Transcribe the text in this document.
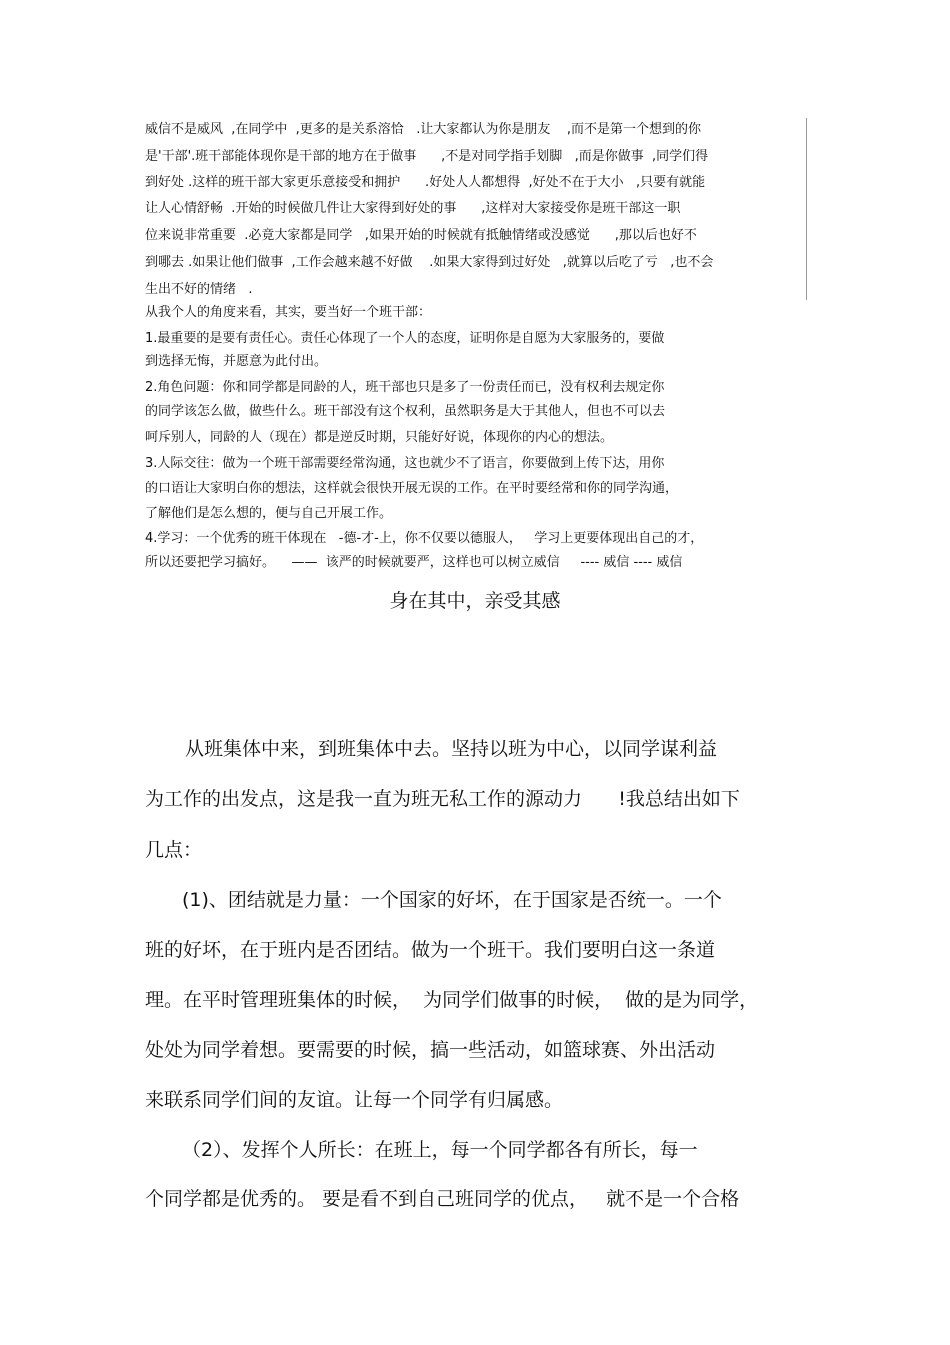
威信不是威风  ,在同学中  ,更多的是关系溶恰   .让大家都认为你是朋友    ,而不是第一个想到的你
是'干部'.班干部能体现你是干部的地方在于做事      ,不是对同学指手划脚   ,而是你做事  ,同学们得
到好处 .这样的班干部大家更乐意接受和拥护      .好处人人都想得  ,好处不在于大小   ,只要有就能
让人心情舒畅  .开始的时候做几件让大家得到好处的事      ,这样对大家接受你是班干部这一职
位来说非常重要  .必竟大家都是同学   ,如果开始的时候就有抵触情绪或没感觉      ,那以后也好不
到哪去 .如果让他们做事  ,工作会越来越不好做    .如果大家得到过好处   ,就算以后吃了亏   ,也不会
生出不好的情绪   .
从我个人的角度来看，其实，要当好一个班干部：
1.最重要的是要有责任心。责任心体现了一个人的态度，证明你是自愿为大家服务的，要做
到选择无悔，并愿意为此付出。
2.角色问题：你和同学都是同龄的人，班干部也只是多了一份责任而已，没有权利去规定你
的同学该怎么做，做些什么。班干部没有这个权利，虽然职务是大于其他人，但也不可以去
呵斥别人，同龄的人（现在）都是逆反时期，只能好好说，体现你的内心的想法。
3.人际交往：做为一个班干部需要经常沟通，这也就少不了语言，你要做到上传下达，用你
的口语让大家明白你的想法，这样就会很快开展无误的工作。在平时要经常和你的同学沟通，
了解他们是怎么想的，便与自己开展工作。
4.学习：一个优秀的班干体现在   -德-才-上，你不仅要以德服人，   学习上更要体现出自己的才，
所以还要把学习搞好。    ——  该严的时候就要严，这样也可以树立威信     ---- 威信 ---- 威信
身在其中，亲受其感
从班集体中来，到班集体中去。坚持以班为中心，以同学谋利益
为工作的出发点，这是我一直为班无私工作的源动力      !我总结出如下
几点：
(1)、团结就是力量：一个国家的好坏，在于国家是否统一。一个
班的好坏，在于班内是否团结。做为一个班干。我们要明白这一条道
理。在平时管理班集体的时候，  为同学们做事的时候，  做的是为同学，
处处为同学着想。要需要的时候，搞一些活动，如篮球赛、外出活动
来联系同学们间的友谊。让每一个同学有归属感。
（2）、发挥个人所长：在班上，每一个同学都各有所长，每一
个同学都是优秀的。 要是看不到自己班同学的优点，   就不是一个合格
